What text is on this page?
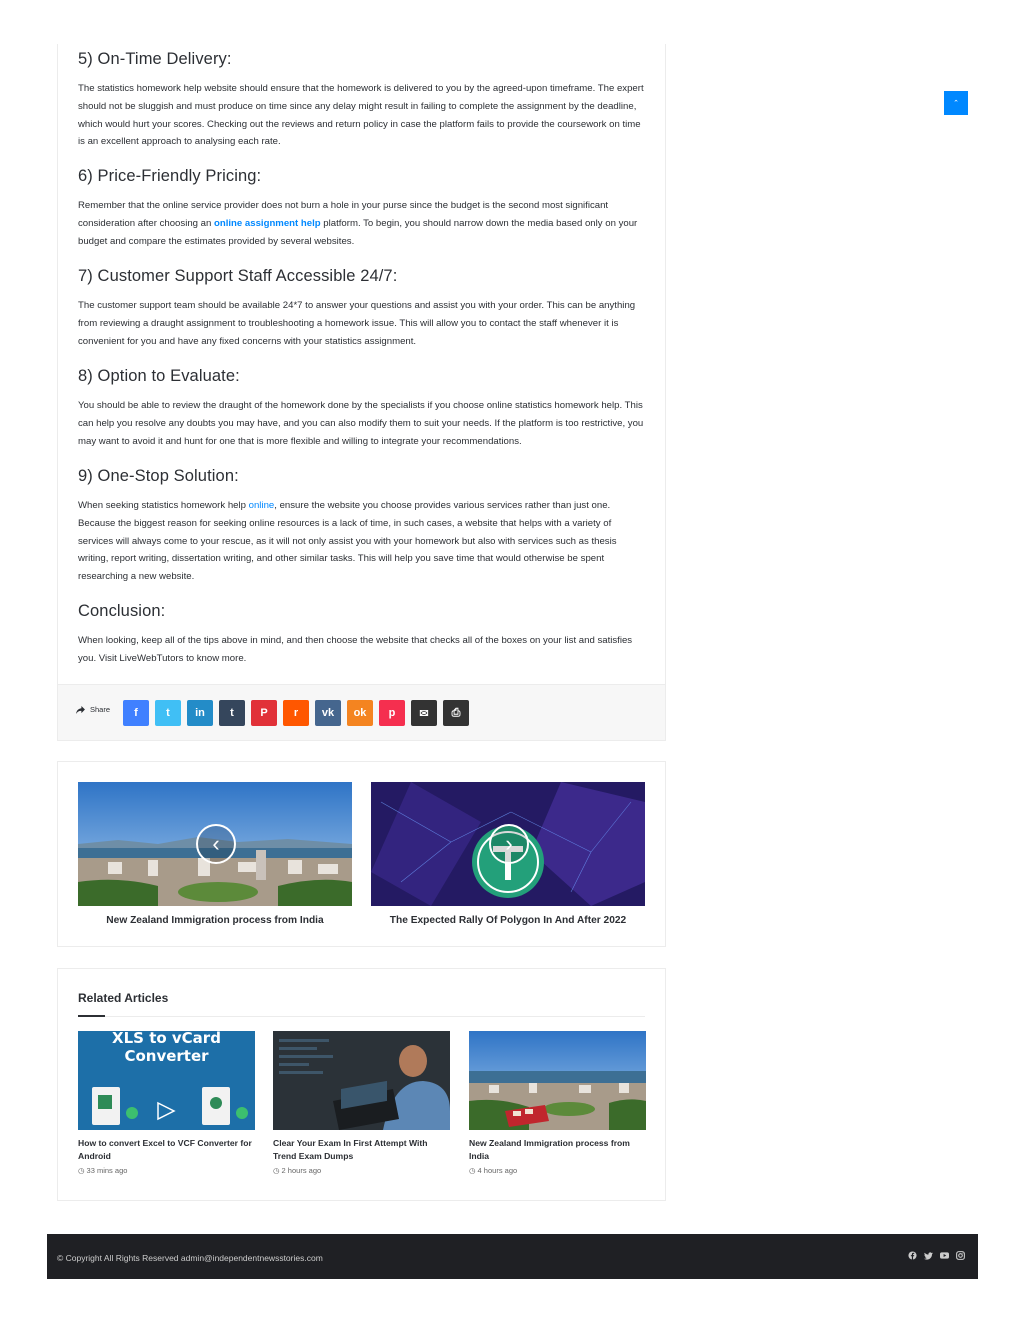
⌃
5) On-Time Delivery:

The statistics homework help website should ensure that the homework is delivered to you by the agreed-upon timeframe. The expert should not be sluggish and must produce on time since any delay might result in failing to complete the assignment by the deadline, which would hurt your scores. Checking out the reviews and return policy in case the platform fails to provide the coursework on time is an excellent approach to analysing each rate.

6) Price-Friendly Pricing:

Remember that the online service provider does not burn a hole in your purse since the budget is the second most significant consideration after choosing an online assignment help platform. To begin, you should narrow down the media based only on your budget and compare the estimates provided by several websites.

7) Customer Support Staff Accessible 24/7:

The customer support team should be available 24*7 to answer your questions and assist you with your order. This can be anything from reviewing a draught assignment to troubleshooting a homework issue. This will allow you to contact the staff whenever it is convenient for you and have any fixed concerns with your statistics assignment.

8) Option to Evaluate:

You should be able to review the draught of the homework done by the specialists if you choose online statistics homework help. This can help you resolve any doubts you may have, and you can also modify them to suit your needs. If the platform is too restrictive, you may want to avoid it and hunt for one that is more flexible and willing to integrate your recommendations.

9) One-Stop Solution:

When seeking statistics homework help online, ensure the website you choose provides various services rather than just one. Because the biggest reason for seeking online resources is a lack of time, in such cases, a website that helps with a variety of services will always come to your rescue, as it will not only assist you with your homework but also with services such as thesis writing, report writing, dissertation writing, and other similar tasks. This will help you save time that would otherwise be spent researching a new website.

Conclusion:

When looking, keep all of the tips above in mind, and then choose the website that checks all of the boxes on your list and satisfies you. Visit LiveWebTutors to know more.

Share f	t in t P r vk ok p ✉ ⎙
‹
New Zealand Immigration process from India
›
The Expected Rally Of Polygon In And After 2022
Related Articles
XLS to vCard
Converter
How to convert Excel to VCF Converter for Android
◷ 33 mins ago
Clear Your Exam In First Attempt With Trend Exam Dumps
◷ 2 hours ago
New Zealand Immigration process from India
◷ 4 hours ago
© Copyright All Rights Reserved admin@independentnewsstories.com
